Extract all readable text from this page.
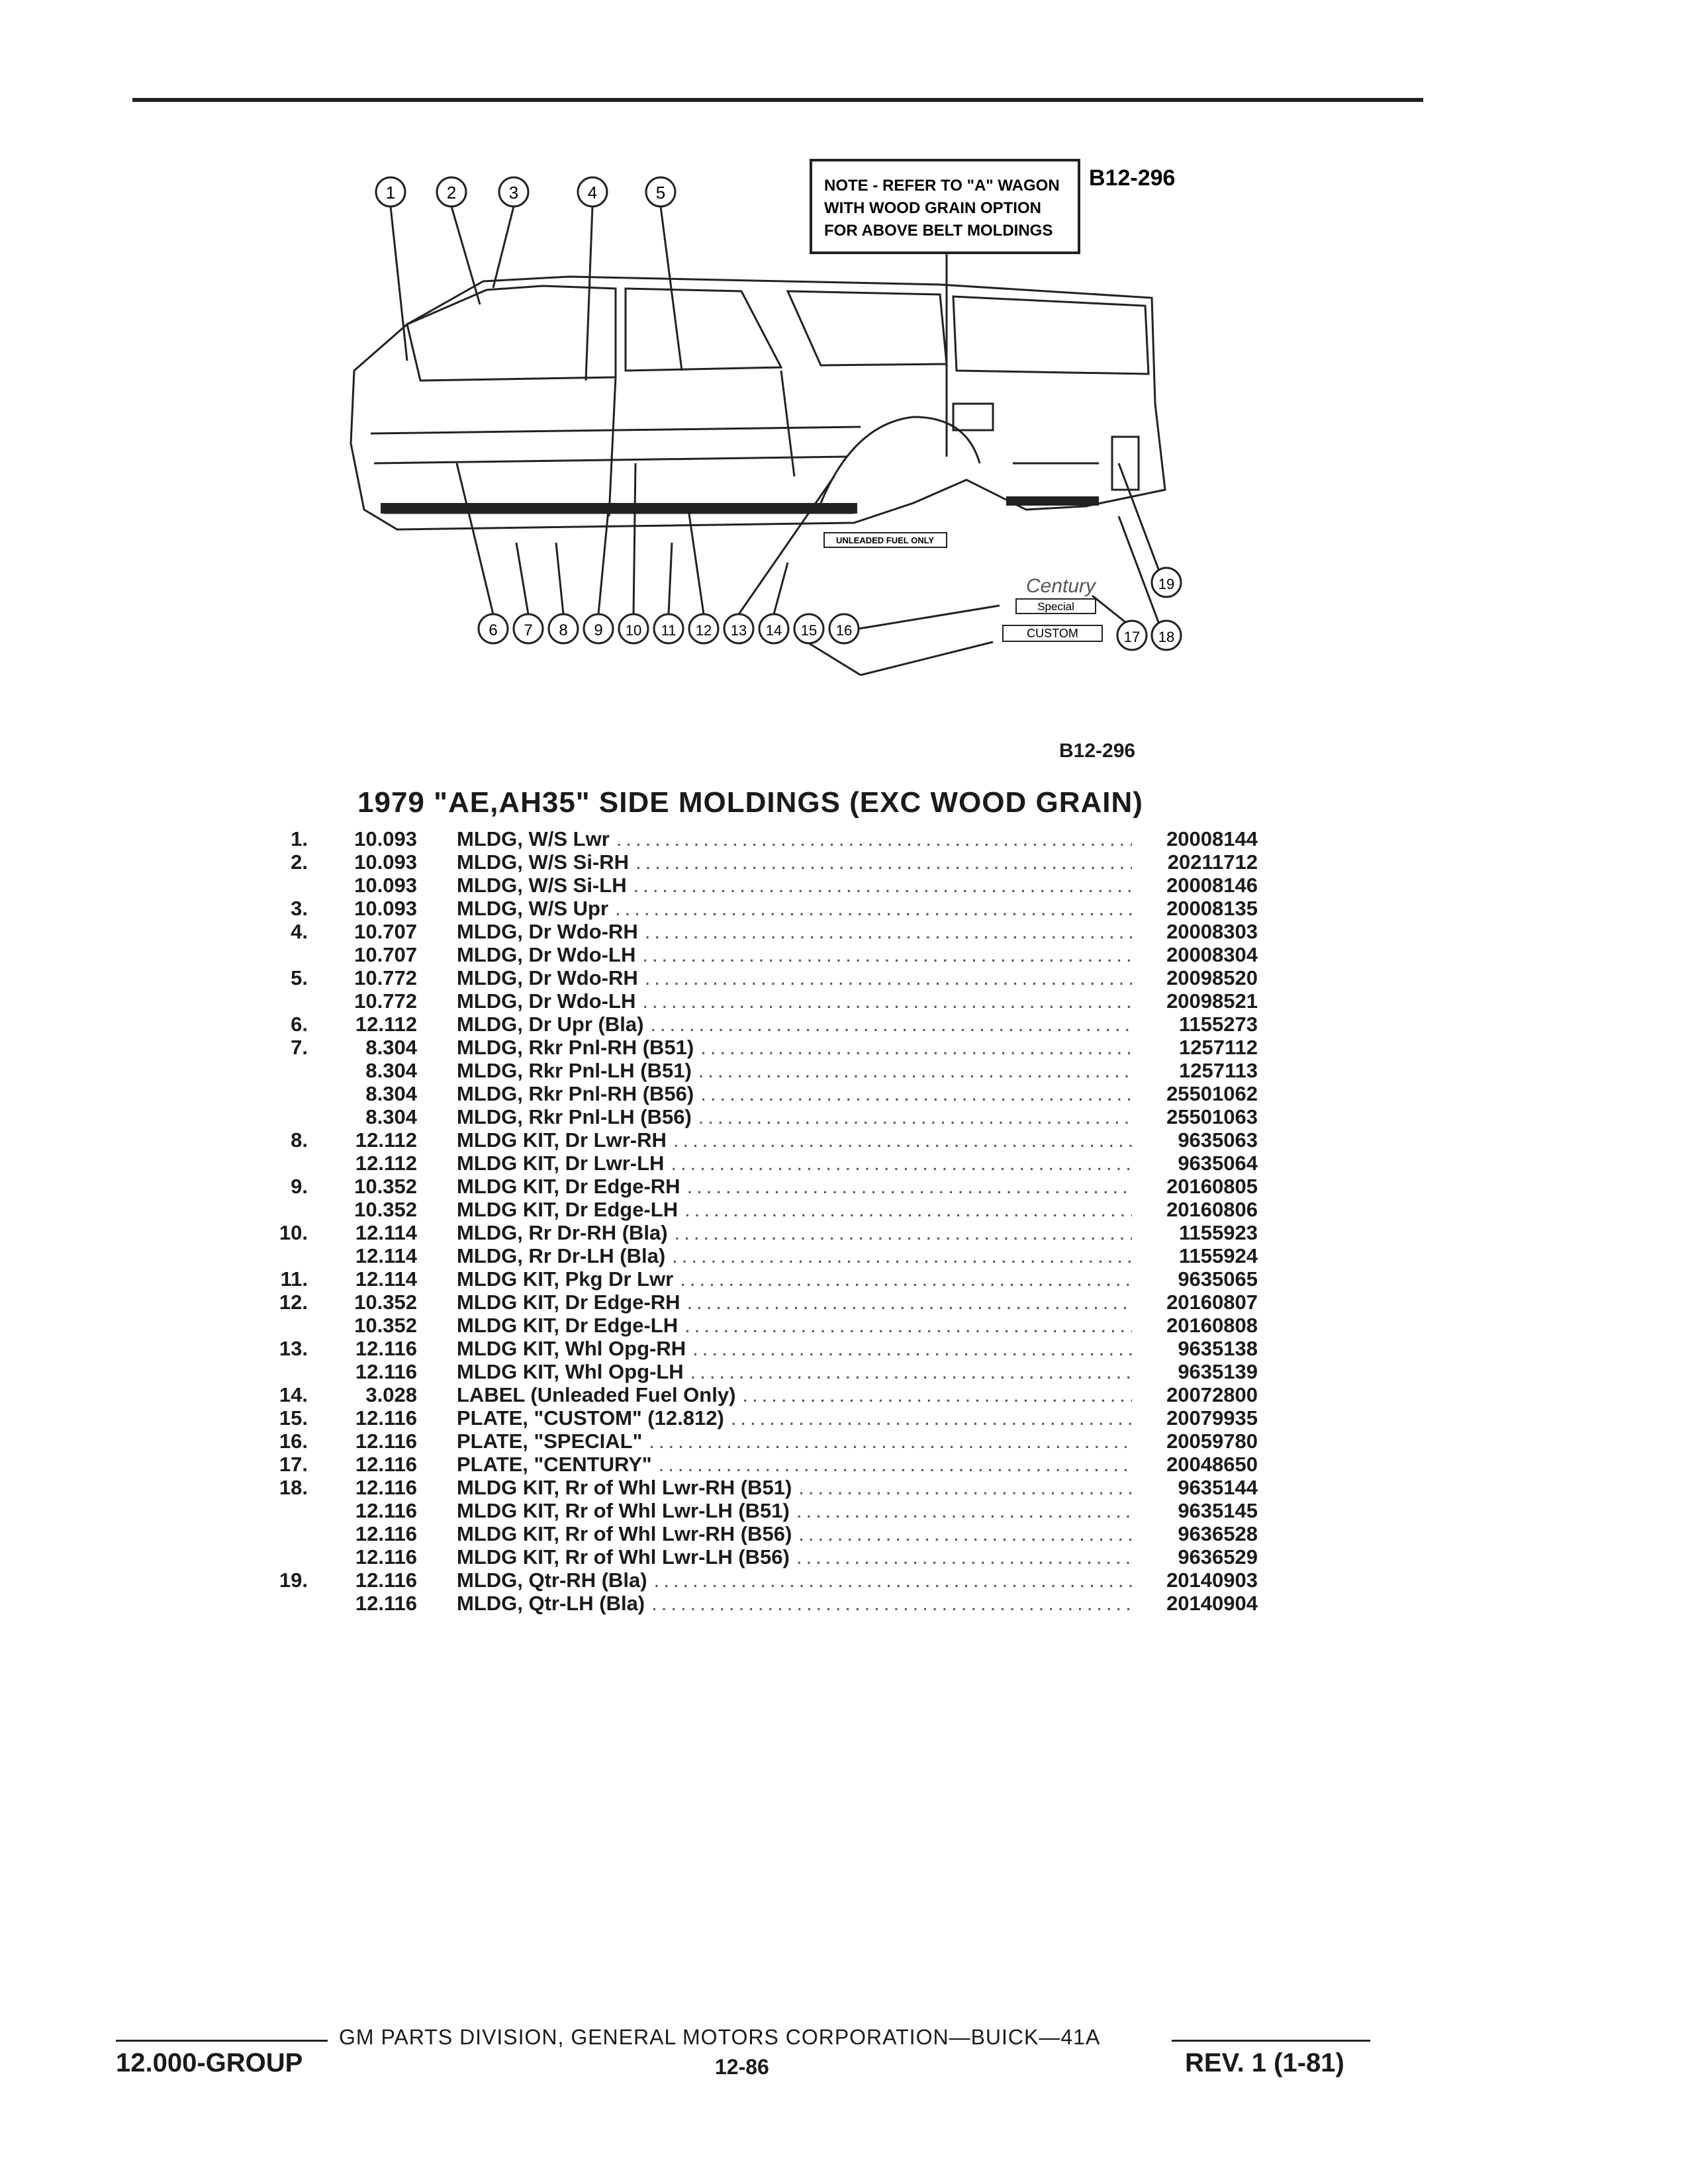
NOTE - REFER TO "A" WAGON
WITH WOOD GRAIN OPTION
FOR ABOVE BELT MOLDINGS
B12-296
1	2	3	4	5
6 7 8 9 10 11 12 13 14 15 16	17 18
19
UNLEADED FUEL ONLY
Century
Special
CUSTOM
B12-296
1979 "AE,AH35" SIDE MOLDINGS (EXC WOOD GRAIN)
1.	10.093	MLDG, W/S Lwr .....	20008144
2.	10.093	MLDG, W/S Si-RH .....	20211712
10.093	MLDG, W/S Si-LH .....	20008146
3.	10.093	MLDG, W/S Upr .....	20008135
4.	10.707	MLDG, Dr Wdo-RH .....	20008303
10.707	MLDG, Dr Wdo-LH .....	20008304
5.	10.772	MLDG, Dr Wdo-RH .....	20098520
10.772	MLDG, Dr Wdo-LH .....	20098521
6.	12.112	MLDG, Dr Upr (Bla) .....	1155273
7.	8.304	MLDG, Rkr Pnl-RH (B51) .....	1257112
8.304	MLDG, Rkr Pnl-LH (B51) .....	1257113
8.304	MLDG, Rkr Pnl-RH (B56) .....	25501062
8.304	MLDG, Rkr Pnl-LH (B56) .....	25501063
8.	12.112	MLDG KIT, Dr Lwr-RH .....	9635063
12.112	MLDG KIT, Dr Lwr-LH .....	9635064
9.	10.352	MLDG KIT, Dr Edge-RH .....	20160805
10.352	MLDG KIT, Dr Edge-LH .....	20160806
10.	12.114	MLDG, Rr Dr-RH (Bla) .....	1155923
12.114	MLDG, Rr Dr-LH (Bla) .....	1155924
11.	12.114	MLDG KIT, Pkg Dr Lwr .....	9635065
12.	10.352	MLDG KIT, Dr Edge-RH .....	20160807
10.352	MLDG KIT, Dr Edge-LH .....	20160808
13.	12.116	MLDG KIT, Whl Opg-RH .....	9635138
12.116	MLDG KIT, Whl Opg-LH .....	9635139
14.	3.028	LABEL (Unleaded Fuel Only) .....	20072800
15.	12.116	PLATE, "CUSTOM" (12.812) .....	20079935
16.	12.116	PLATE, "SPECIAL" .....	20059780
17.	12.116	PLATE, "CENTURY" .....	20048650
18.	12.116	MLDG KIT, Rr of Whl Lwr-RH (B51) .....	9635144
12.116	MLDG KIT, Rr of Whl Lwr-LH (B51) .....	9635145
12.116	MLDG KIT, Rr of Whl Lwr-RH (B56) .....	9636528
12.116	MLDG KIT, Rr of Whl Lwr-LH (B56) .....	9636529
19.	12.116	MLDG, Qtr-RH (Bla) .....	20140903
12.116	MLDG, Qtr-LH (Bla) .....	20140904
GM PARTS DIVISION, GENERAL MOTORS CORPORATION—BUICK—41A
12.000-GROUP	12-86	REV. 1 (1-81)
